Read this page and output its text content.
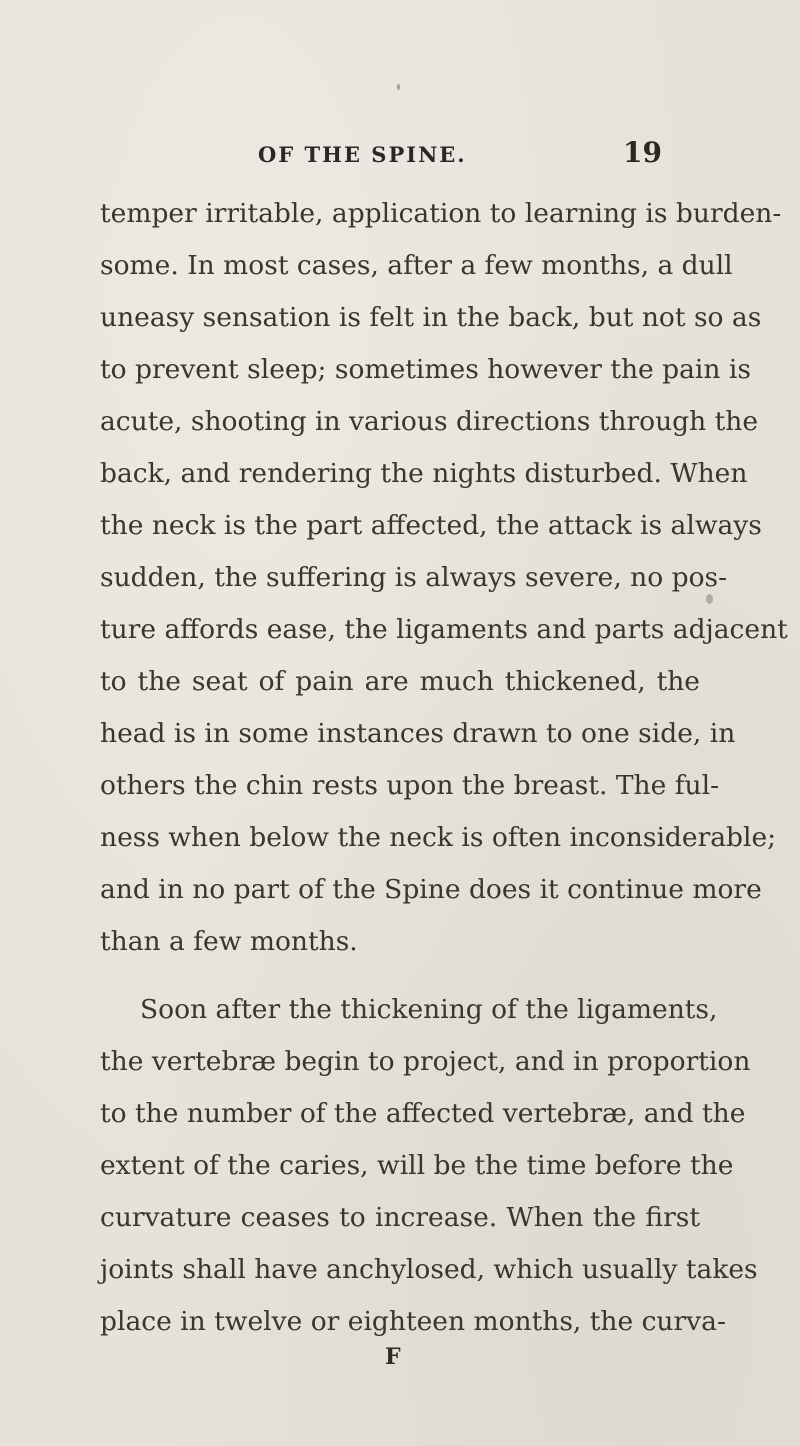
OF THE SPINE.	19
temper irritable, application to learning is burden-
some. In most cases, after a few months, a dull
uneasy sensation is felt in the back, but not so as
to prevent sleep; sometimes however the pain is
acute, shooting in various directions through the
back, and rendering the nights disturbed. When
the neck is the part affected, the attack is always
sudden, the suffering is always severe, no pos-
ture affords ease, the ligaments and parts adjacent
to the seat of pain are much thickened, the
head is in some instances drawn to one side, in
others the chin rests upon the breast. The ful-
ness when below the neck is often inconsiderable;
and in no part of the Spine does it continue more
than a few months.
Soon after the thickening of the ligaments,
the vertebræ begin to project, and in proportion
to the number of the affected vertebræ, and the
extent of the caries, will be the time before the
curvature ceases to increase. When the first
joints shall have anchylosed, which usually takes
place in twelve or eighteen months, the curva-
F
